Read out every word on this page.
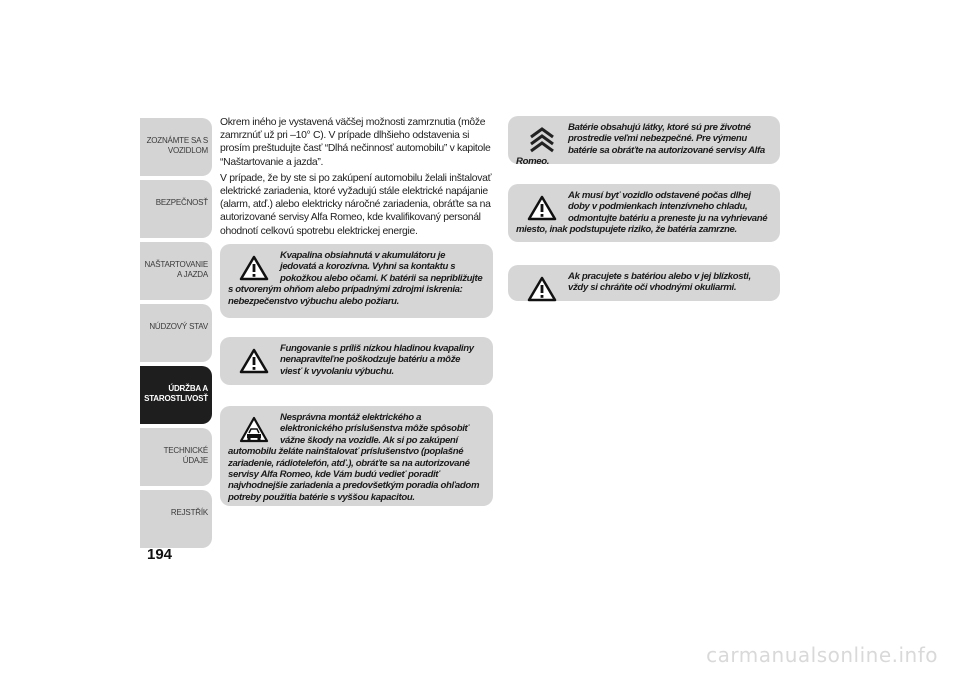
ZOZNÁMTE SA S VOZIDLOM
BEZPEČNOSŤ
NAŠTARTOVANIE A JAZDA
NÚDZOVÝ STAV
ÚDRŽBA A STAROSTLIVOSŤ
TECHNICKÉ ÚDAJE
REJSTŘÍK
194

Okrem iného je vystavená väčšej možnosti zamrznutia (môže zamrznúť už pri –10° C). V prípade dlhšieho odstavenia si prosím preštudujte časť “Dlhá nečinnosť automobilu” v kapitole “Naštartovanie a jazda”.

V prípade, že by ste si po zakúpení automobilu želali inštalovať elektrické zariadenia, ktoré vyžadujú stále elektrické napájanie (alarm, atď.) alebo elektricky náročné zariadenia, obráťte sa na autorizované servisy Alfa Romeo, kde kvalifikovaný personál ohodnotí celkovú spotrebu elektrickej energie.

Kvapalina obsiahnutá v akumulátoru je jedovatá a korozívna. Vyhni sa kontaktu s pokožkou alebo očami. K batérii sa nepribližujte s otvoreným ohňom alebo prípadnými zdrojmi iskrenia: nebezpečenstvo výbuchu alebo požiaru.

Fungovanie s príliš nízkou hladinou kvapaliny nenapraviteľne poškodzuje batériu a môže viesť k vyvolaniu výbuchu.

Nesprávna montáž elektrického a elektronického príslušenstva môže spôsobiť vážne škody na vozidle. Ak si po zakúpení automobilu želáte nainštalovať príslušenstvo (poplašné zariadenie, rádiotelefón, atď.), obráťte sa na autorizované servisy Alfa Romeo, kde Vám budú vedieť poradiť najvhodnejšie zariadenia a predovšetkým poradia ohľadom potreby použitia batérie s vyššou kapacitou.

Batérie obsahujú látky, ktoré sú pre životné prostredie veľmi nebezpečné. Pre výmenu batérie sa obráťte na autorizované servisy Alfa Romeo.

Ak musí byť vozidlo odstavené počas dlhej doby v podmienkach intenzívneho chladu, odmontujte batériu a preneste ju na vyhrievané miesto, inak podstupujete riziko, že batéria zamrzne.

Ak pracujete s batériou alebo v jej blízkosti, vždy si chráňte oči vhodnými okuliarmi.

carmanualsonline.info
